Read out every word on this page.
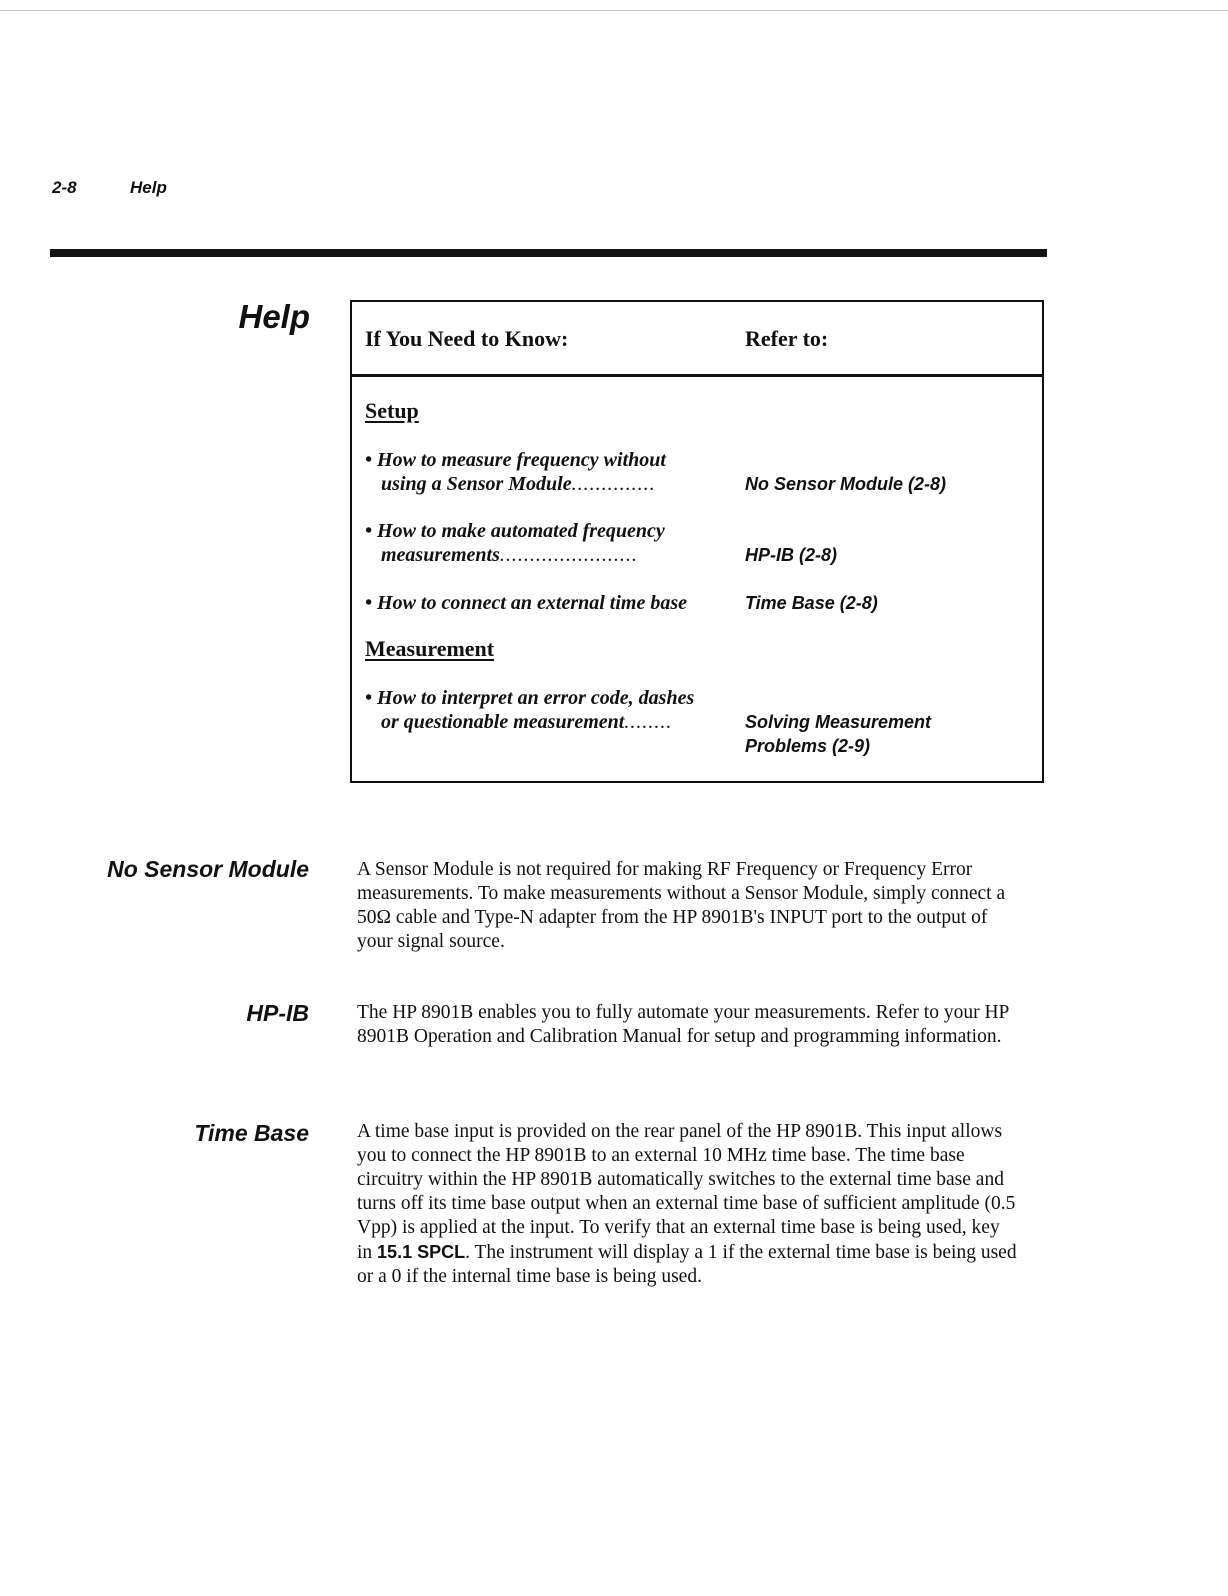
2-8	Help
Help
If You Need to Know:	Refer to:
Setup
• How to measure frequency without
using a Sensor Module..............	No Sensor Module (2-8)
• How to make automated frequency
measurements.......................	HP-IB (2-8)
• How to connect an external time base	Time Base (2-8)
Measurement
• How to interpret an error code, dashes
or questionable measurement........	Solving Measurement
Problems (2-9)
No Sensor Module A Sensor Module is not required for making RF Frequency or Frequency Error measurements. To make measurements without a Sensor Module, simply connect a 50Ω cable and Type-N adapter from the HP 8901B's INPUT port to the output of your signal source.
HP-IB The HP 8901B enables you to fully automate your measurements. Refer to your HP 8901B Operation and Calibration Manual for setup and programming information.
Time Base A time base input is provided on the rear panel of the HP 8901B. This input allows you to connect the HP 8901B to an external 10 MHz time base. The time base circuitry within the HP 8901B automatically switches to the external time base and turns off its time base output when an external time base of sufficient amplitude (0.5 Vpp) is applied at the input. To verify that an external time base is being used, key in 15.1 SPCL. The instrument will display a 1 if the external time base is being used or a 0 if the internal time base is being used.
